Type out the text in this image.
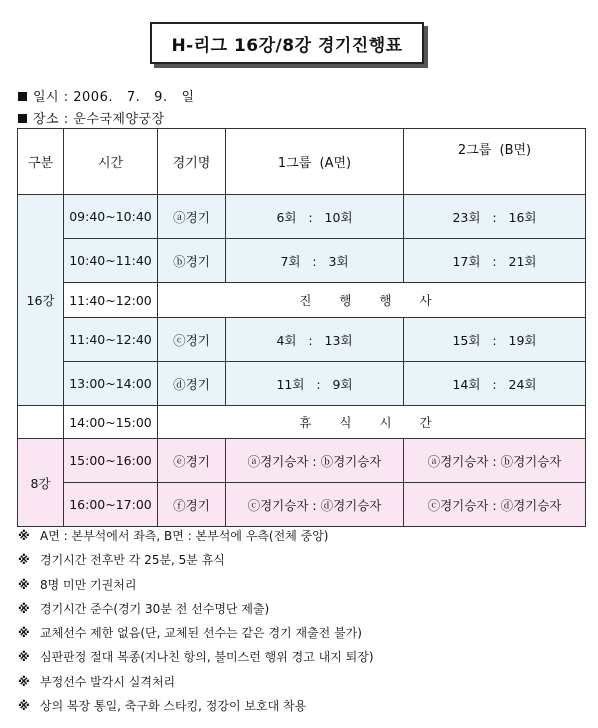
H-리그 16강/8강 경기진행표
일시 : 2006.   7.   9.   일
장소 : 운수국제양궁장
구분	시간	경기명	1그룹  (A면)	2그룹  (B면)
16강	09:40~10:40	ⓐ경기	6회   :   10회	23회   :   16회
	10:40~11:40	ⓑ경기	7회   :   3회	17회   :   21회
	11:40~12:00	진 행 행 사		
	11:40~12:40	ⓒ경기	4회   :   13회	15회   :   19회
	13:00~14:00	ⓓ경기	11회   :   9회	14회   :   24회
	14:00~15:00	휴 식 시 간		
8강	15:00~16:00	ⓔ경기	ⓐ경기승자 : ⓑ경기승자	ⓐ경기승자 : ⓑ경기승자
	16:00~17:00	ⓕ경기	ⓒ경기승자 : ⓓ경기승자	ⓒ경기승자 : ⓓ경기승자
※ A면 : 본부석에서 좌측, B면 : 본부석에 우측(전체 중앙)
※ 경기시간 전후반 각 25분, 5분 휴식
※ 8명 미만 기권처리
※ 경기시간 준수(경기 30분 전 선수명단 제출)
※ 교체선수 제한 없음(단, 교체된 선수는 같은 경기 재출전 불가)
※ 심판판정 절대 복종(지나친 항의, 불미스런 행위 경고 내지 퇴장)
※ 부정선수 발각시 실격처리
※ 상의 복장 통일, 축구화 스타킹, 정강이 보호대 착용
